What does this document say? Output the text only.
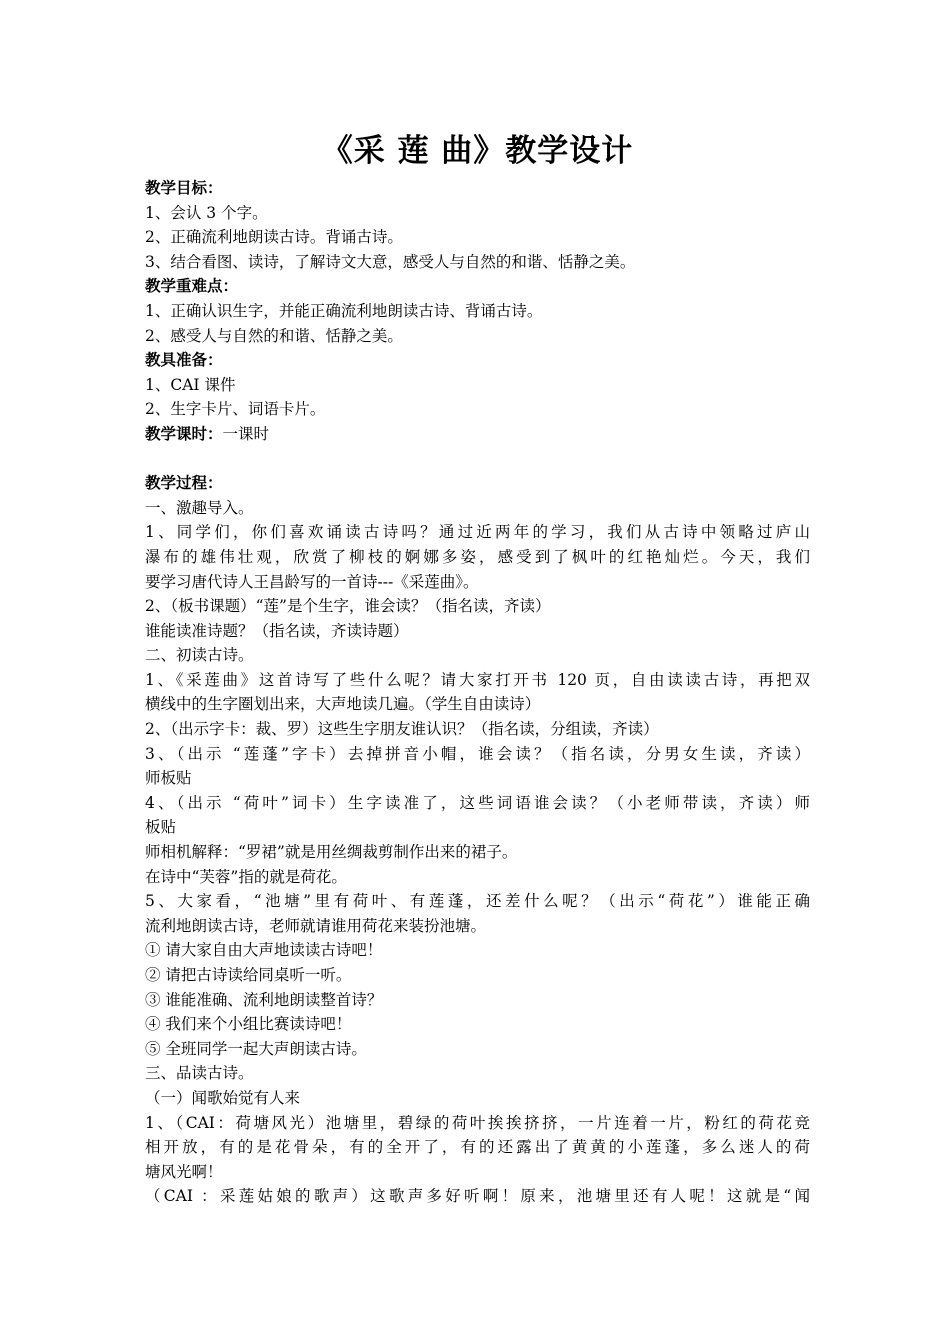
《采 莲 曲》教学设计
教学目标：
1、会认 3 个字。
2、正确流利地朗读古诗。背诵古诗。
3、结合看图、读诗，了解诗文大意，感受人与自然的和谐、恬静之美。
教学重难点：
1、正确认识生字，并能正确流利地朗读古诗、背诵古诗。
2、感受人与自然的和谐、恬静之美。
教具准备：
1、CAI 课件
2、生字卡片、词语卡片。
教学课时：一课时
教学过程：
一、激趣导入。
1、同学们，你们喜欢诵读古诗吗？通过近两年的学习，我们从古诗中领略过庐山
瀑布的雄伟壮观，欣赏了柳枝的婀娜多姿，感受到了枫叶的红艳灿烂。今天，我们
要学习唐代诗人王昌龄写的一首诗---《采莲曲》。
2、（板书课题）“莲”是个生字，谁会读？（指名读，齐读）
谁能读准诗题？（指名读，齐读诗题）
二、初读古诗。
1、《采莲曲》这首诗写了些什么呢？请大家打开书 120 页，自由读读古诗，再把双
横线中的生字圈划出来，大声地读几遍。（学生自由读诗）
2、（出示字卡：裁、罗）这些生字朋友谁认识？（指名读，分组读，齐读）
3、（出示 “莲蓬”字卡）去掉拼音小帽，谁会读？（指名读，分男女生读，齐读）
师板贴
4、（出示 “荷叶”词卡）生字读准了，这些词语谁会读？（小老师带读，齐读）师
板贴
师相机解释：“罗裙”就是用丝绸裁剪制作出来的裙子。
在诗中“芙蓉”指的就是荷花。
5、大家看，“池塘”里有荷叶、有莲蓬，还差什么呢？（出示“荷花”）谁能正确
流利地朗读古诗，老师就请谁用荷花来装扮池塘。
① 请大家自由大声地读读古诗吧！
② 请把古诗读给同桌听一听。
③ 谁能准确、流利地朗读整首诗？
④ 我们来个小组比赛读诗吧！
⑤ 全班同学一起大声朗读古诗。
三、品读古诗。
（一）闻歌始觉有人来
1、（CAI：荷塘风光）池塘里，碧绿的荷叶挨挨挤挤，一片连着一片，粉红的荷花竞
相开放，有的是花骨朵，有的全开了，有的还露出了黄黄的小莲蓬，多么迷人的荷
塘风光啊！
（CAI ：采莲姑娘的歌声）这歌声多好听啊！原来，池塘里还有人呢！这就是“闻
